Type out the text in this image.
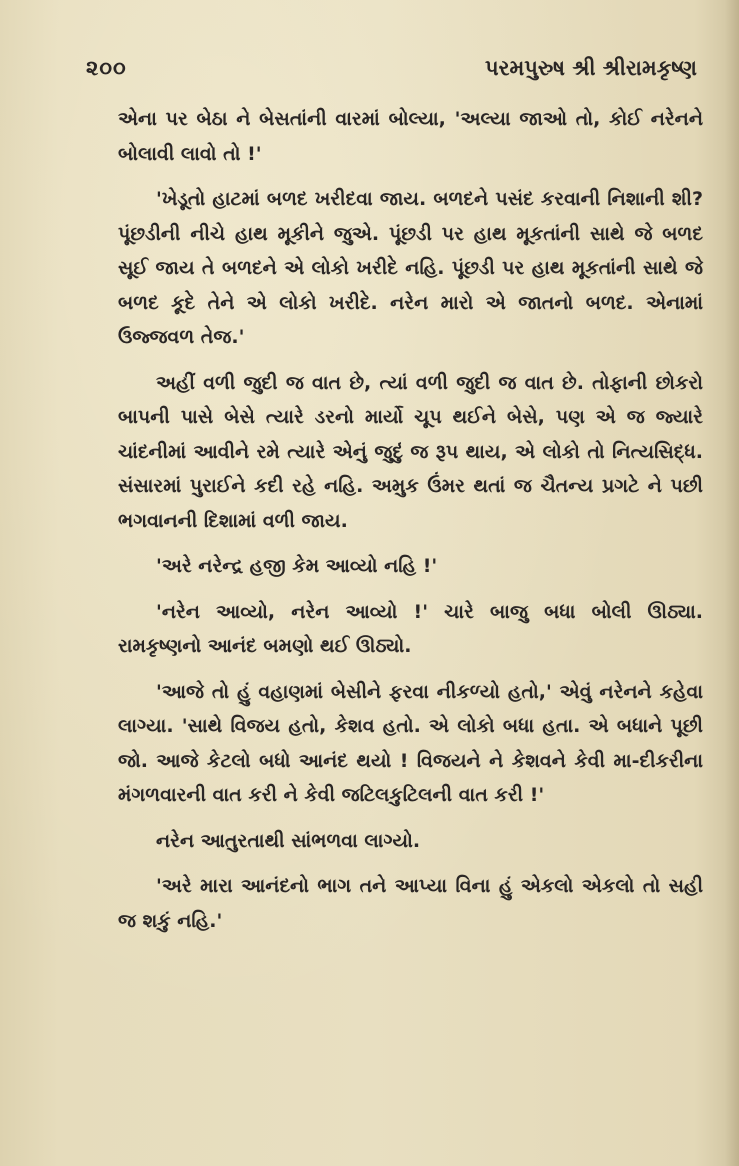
૨૦૦	પરમપુરુષ શ્રી શ્રીરામકૃષ્ણ

એના પર બેઠા ને બેસતાંની વારમાં બોલ્યા, 'અલ્યા જાઓ તો, કોઈ નરેનને બોલાવી લાવો તો !'

'ખેડૂતો હાટમાં બળદ ખરીદવા જાય. બળદને પસંદ કરવાની નિશાની શી? પૂંછડીની નીચે હાથ મૂકીને જુએ. પૂંછડી પર હાથ મૂકતાંની સાથે જે બળદ સૂઈ જાય તે બળદને એ લોકો ખરીદે નહિ. પૂંછડી પર હાથ મૂકતાંની સાથે જે બળદ કૂદે તેને એ લોકો ખરીદે. નરેન મારો એ જાતનો બળદ. એનામાં ઉજ્જવળ તેજ.'

અહીં વળી જુદી જ વાત છે, ત્યાં વળી જુદી જ વાત છે. તોફાની છોકરો બાપની પાસે બેસે ત્યારે ડરનો માર્યો ચૂપ થઈને બેસે, પણ એ જ જ્યારે ચાંદનીમાં આવીને રમે ત્યારે એનું જુદું જ રૂપ થાય, એ લોકો તો નિત્યસિદ્ધ. સંસારમાં પુરાઈને કદી રહે નહિ. અમુક ઉંમર થતાં જ ચૈતન્ય પ્રગટે ને પછી ભગવાનની દિશામાં વળી જાય.

'અરે નરેન્દ્ર હજી કેમ આવ્યો નહિ !'

'નરેન આવ્યો, નરેન આવ્યો !' ચારે બાજુ બધા બોલી ઊઠ્યા. રામકૃષ્ણનો આનંદ બમણો થઈ ઊઠ્યો.

'આજે તો હું વહાણમાં બેસીને ફરવા નીકળ્યો હતો,' એવું નરેનને કહેવા લાગ્યા. 'સાથે વિજય હતો, કેશવ હતો. એ લોકો બધા હતા. એ બધાને પૂછી જો. આજે કેટલો બધો આનંદ થયો ! વિજયને ને કેશવને કેવી મા-દીકરીના મંગળવારની વાત કરી ને કેવી જટિલકુટિલની વાત કરી !'

નરેન આતુરતાથી સાંભળવા લાગ્યો.

'અરે મારા આનંદનો ભાગ તને આપ્યા વિના હું એકલો એકલો તો સહી જ શકું નહિ.'
